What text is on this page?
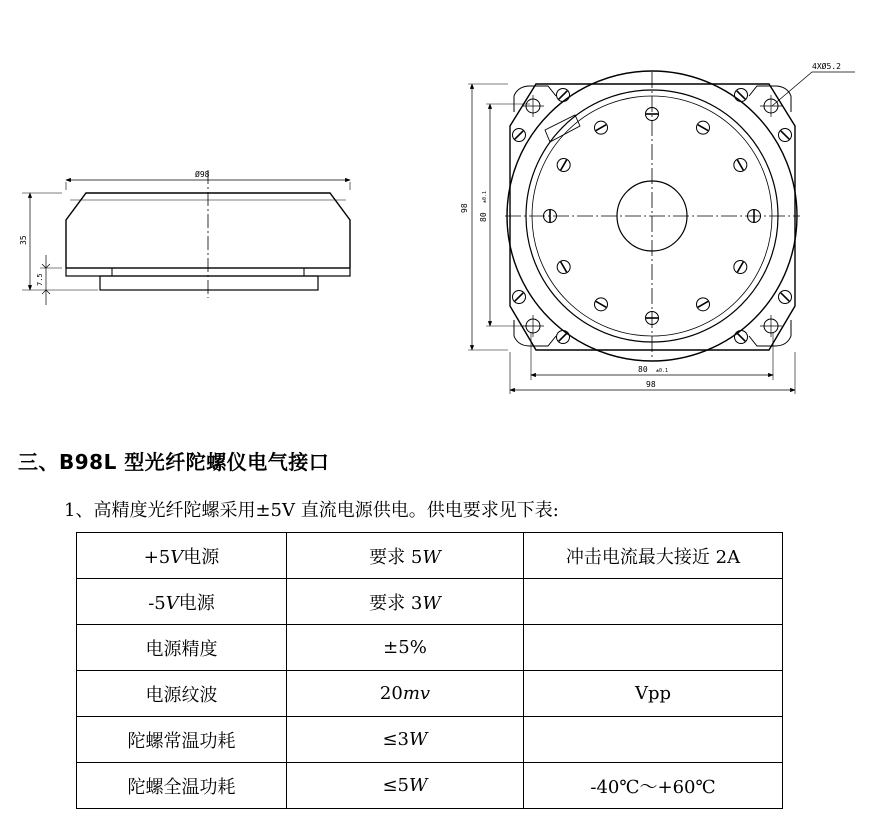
Ø98
35
7.5
98
80
±0.1
80 ±0.1
98
4XØ5.2
三、B98L 型光纤陀螺仪电气接口
1、高精度光纤陀螺采用±5V 直流电源供电。供电要求见下表:
+5V电源	要求 5W	冲击电流最大接近 2A
-5V电源	要求 3W	
电源精度	±5%	
电源纹波	20mv	Vpp
陀螺常温功耗	≤3W	
陀螺全温功耗	≤5W	-40℃～+60℃
